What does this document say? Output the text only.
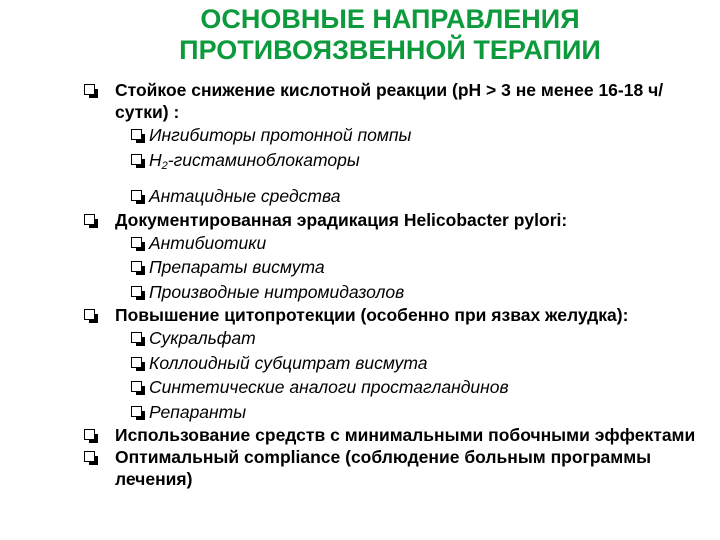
ОСНОВНЫЕ НАПРАВЛЕНИЯ
ПРОТИВОЯЗВЕННОЙ ТЕРАПИИ
Стойкое снижение кислотной реакции (рН > 3 не менее 16-18 ч/сутки) :
Ингибиторы протонной помпы
$Н_2$-гистаминоблокаторы
Антацидные средства
Документированная эрадикация Helicobacter pylori:
Антибиотики
Препараты висмута
Производные нитромидазолов
Повышение цитопротекции (особенно при язвах желудка):
Сукральфат
Коллоидный субцитрат висмута
Синтетические аналоги простагландинов
Репаранты
Использование средств с минимальными побочными эффектами
Оптимальный compliance (соблюдение больным программы лечения)
